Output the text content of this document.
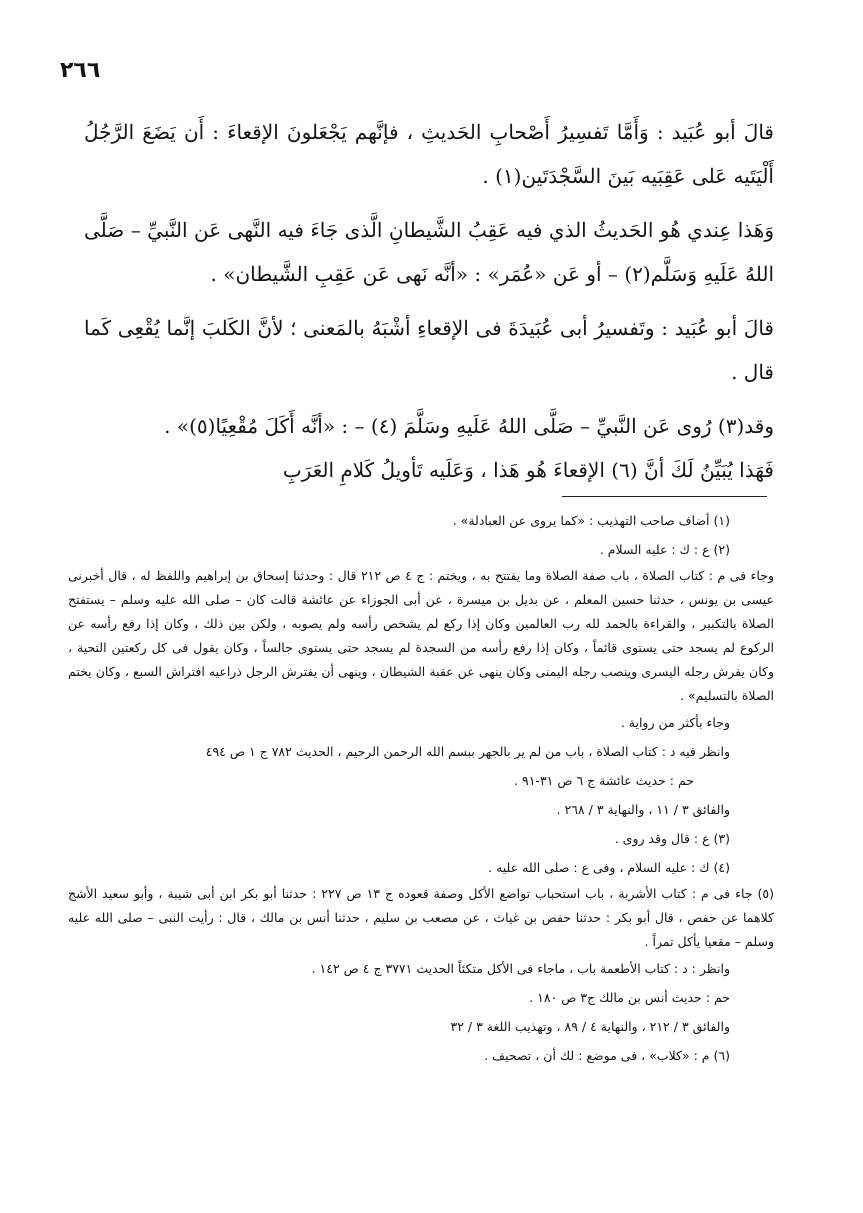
٢٦٦

قالَ أبو عُبَيد : وَأَمَّا تَفسِيرُ أَصْحابِ الحَديثِ ، فإنَّهم يَجْعَلونَ الإقعاءَ : أَن يَضَعَ الرَّجُلُ أَلْيَتَيه عَلى عَقِبَيه بَينَ السَّجْدَتَين(١) .

وَهَذا عِندي هُو الحَديثُ الذي فيه عَقِبُ الشَّيطانِ الَّذى جَاءَ فيه النَّهى عَن النَّبيِّ – صَلَّى اللهُ عَلَيهِ وَسَلَّم(٢) – أو عَن «عُمَر» : «أنَّه نَهى عَن عَقِبِ الشَّيطان» .

قالَ أبو عُبَيد : وتَفسيرُ أبى عُبَيدَةَ فى الإقعاءِ أشْبَهُ بالمَعنى ؛ لأنَّ الكَلبَ إنَّما يُقْعِى كَما قال .

وقد(٣) رُوى عَن النَّبيِّ – صَلَّى اللهُ عَلَيهِ وسَلَّمَ (٤) – : «أنَّه أَكَلَ مُقْعِيًا(٥)» .

فَهَذا يُبَيِّنُ لَكَ أنَّ (٦) الإقعاءَ هُو هَذا ، وَعَلَيه تَأويلُ كَلامِ العَرَبِ

(١) أضاف صاحب التهذيب : «كما يروى عن العبادلة» .

(٢) ع : ك : عليه السلام .

وجاء فى م : كتاب الصلاة ، باب صفة الصلاة وما يفتتح به ، ويختم : ج ٤ ص ٢١٢ قال : وحدثنا إسحاق بن إبراهيم واللفظ له ، قال أخبرنى عيسى بن يونس ، حدثنا حسين المعلم ، عن بديل بن ميسرة ، عن أبى الجوزاء عن عائشة قالت كان – صلى الله عليه وسلم – يستفتح الصلاة بالتكبير ، والقراءة بالحمد لله رب العالمين وكان إذا ركع لم يشخص رأسه ولم يصوبه ، ولكن بين ذلك ، وكان إذا رفع رأسه عن الركوع لم يسجد حتى يستوى قائماً ، وكان إذا رفع رأسه من السجدة لم يسجد حتى يستوى جالساً ، وكان يقول فى كل ركعتين التحية ، وكان يفرش رجله اليسرى وينصب رجله اليمنى وكان ينهى عن عقبة الشيطان ، وينهى أن يفترش الرجل ذراعيه افتراش السبع ، وكان يختم الصلاة بالتسليم» .

وجاء بأكثر من رواية .

وانظر فيه د : كتاب الصلاة ، باب من لم ير بالجهر ببسم الله الرحمن الرحيم ، الحديث ٧٨٢ ج ١ ص ٤٩٤

حم : حديث عائشة ج ٦ ص ٣١-٩١ .

والفائق ٣ / ١١ ، والنهاية ٣ / ٢٦٨ .

(٣) ع : قال وقد روى .

(٤) ك : عليه السلام ، وفى ع : صلى الله عليه .

(٥) جاء فى م : كتاب الأشربة ، باب استحباب تواضع الأكل وصفة قعوده ج ١٣ ص ٢٢٧ : حدثنا أبو بكر ابن أبى شيبة ، وأبو سعيد الأشج كلاهما عن حفص ، قال أبو بكر : حدثنا حفص بن غياث ، عن مصعب بن سليم ، حدثنا أنس بن مالك ، قال : رأيت النبى – صلى الله عليه وسلم – مقعيا يأكل تمراً .

وانظر : د : كتاب الأطعمة باب ، ماجاء فى الأكل متكئاً الحديث ٣٧٧١ ج ٤ ص ١٤٢ .

حم : حديث أنس بن مالك ج٣ ص ١٨٠ .

والفائق ٣ / ٢١٢ ، والنهاية ٤ / ٨٩ ، وتهذيب اللغة ٣ / ٣٢

(٦) م : «كلاب» ، فى موضع : لك أن ، تصحيف .
